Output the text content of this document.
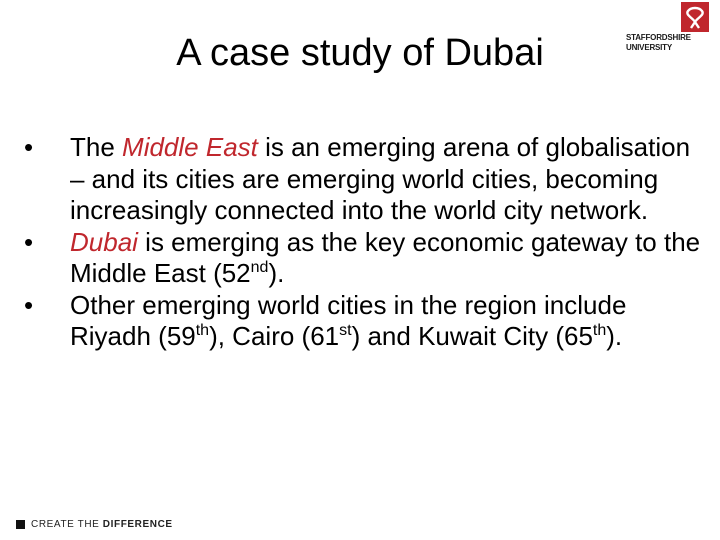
A case study of Dubai	STAFFORDSHIRE
UNIVERSITY
• The Middle East is an emerging arena of globalisation – and its cities are emerging world cities, becoming increasingly connected into the world city network.
• Dubai is emerging as the key economic gateway to the Middle East (52nd).
• Other emerging world cities in the region include Riyadh (59th), Cairo (61st) and Kuwait City (65th).
CREATE THE DIFFERENCE
